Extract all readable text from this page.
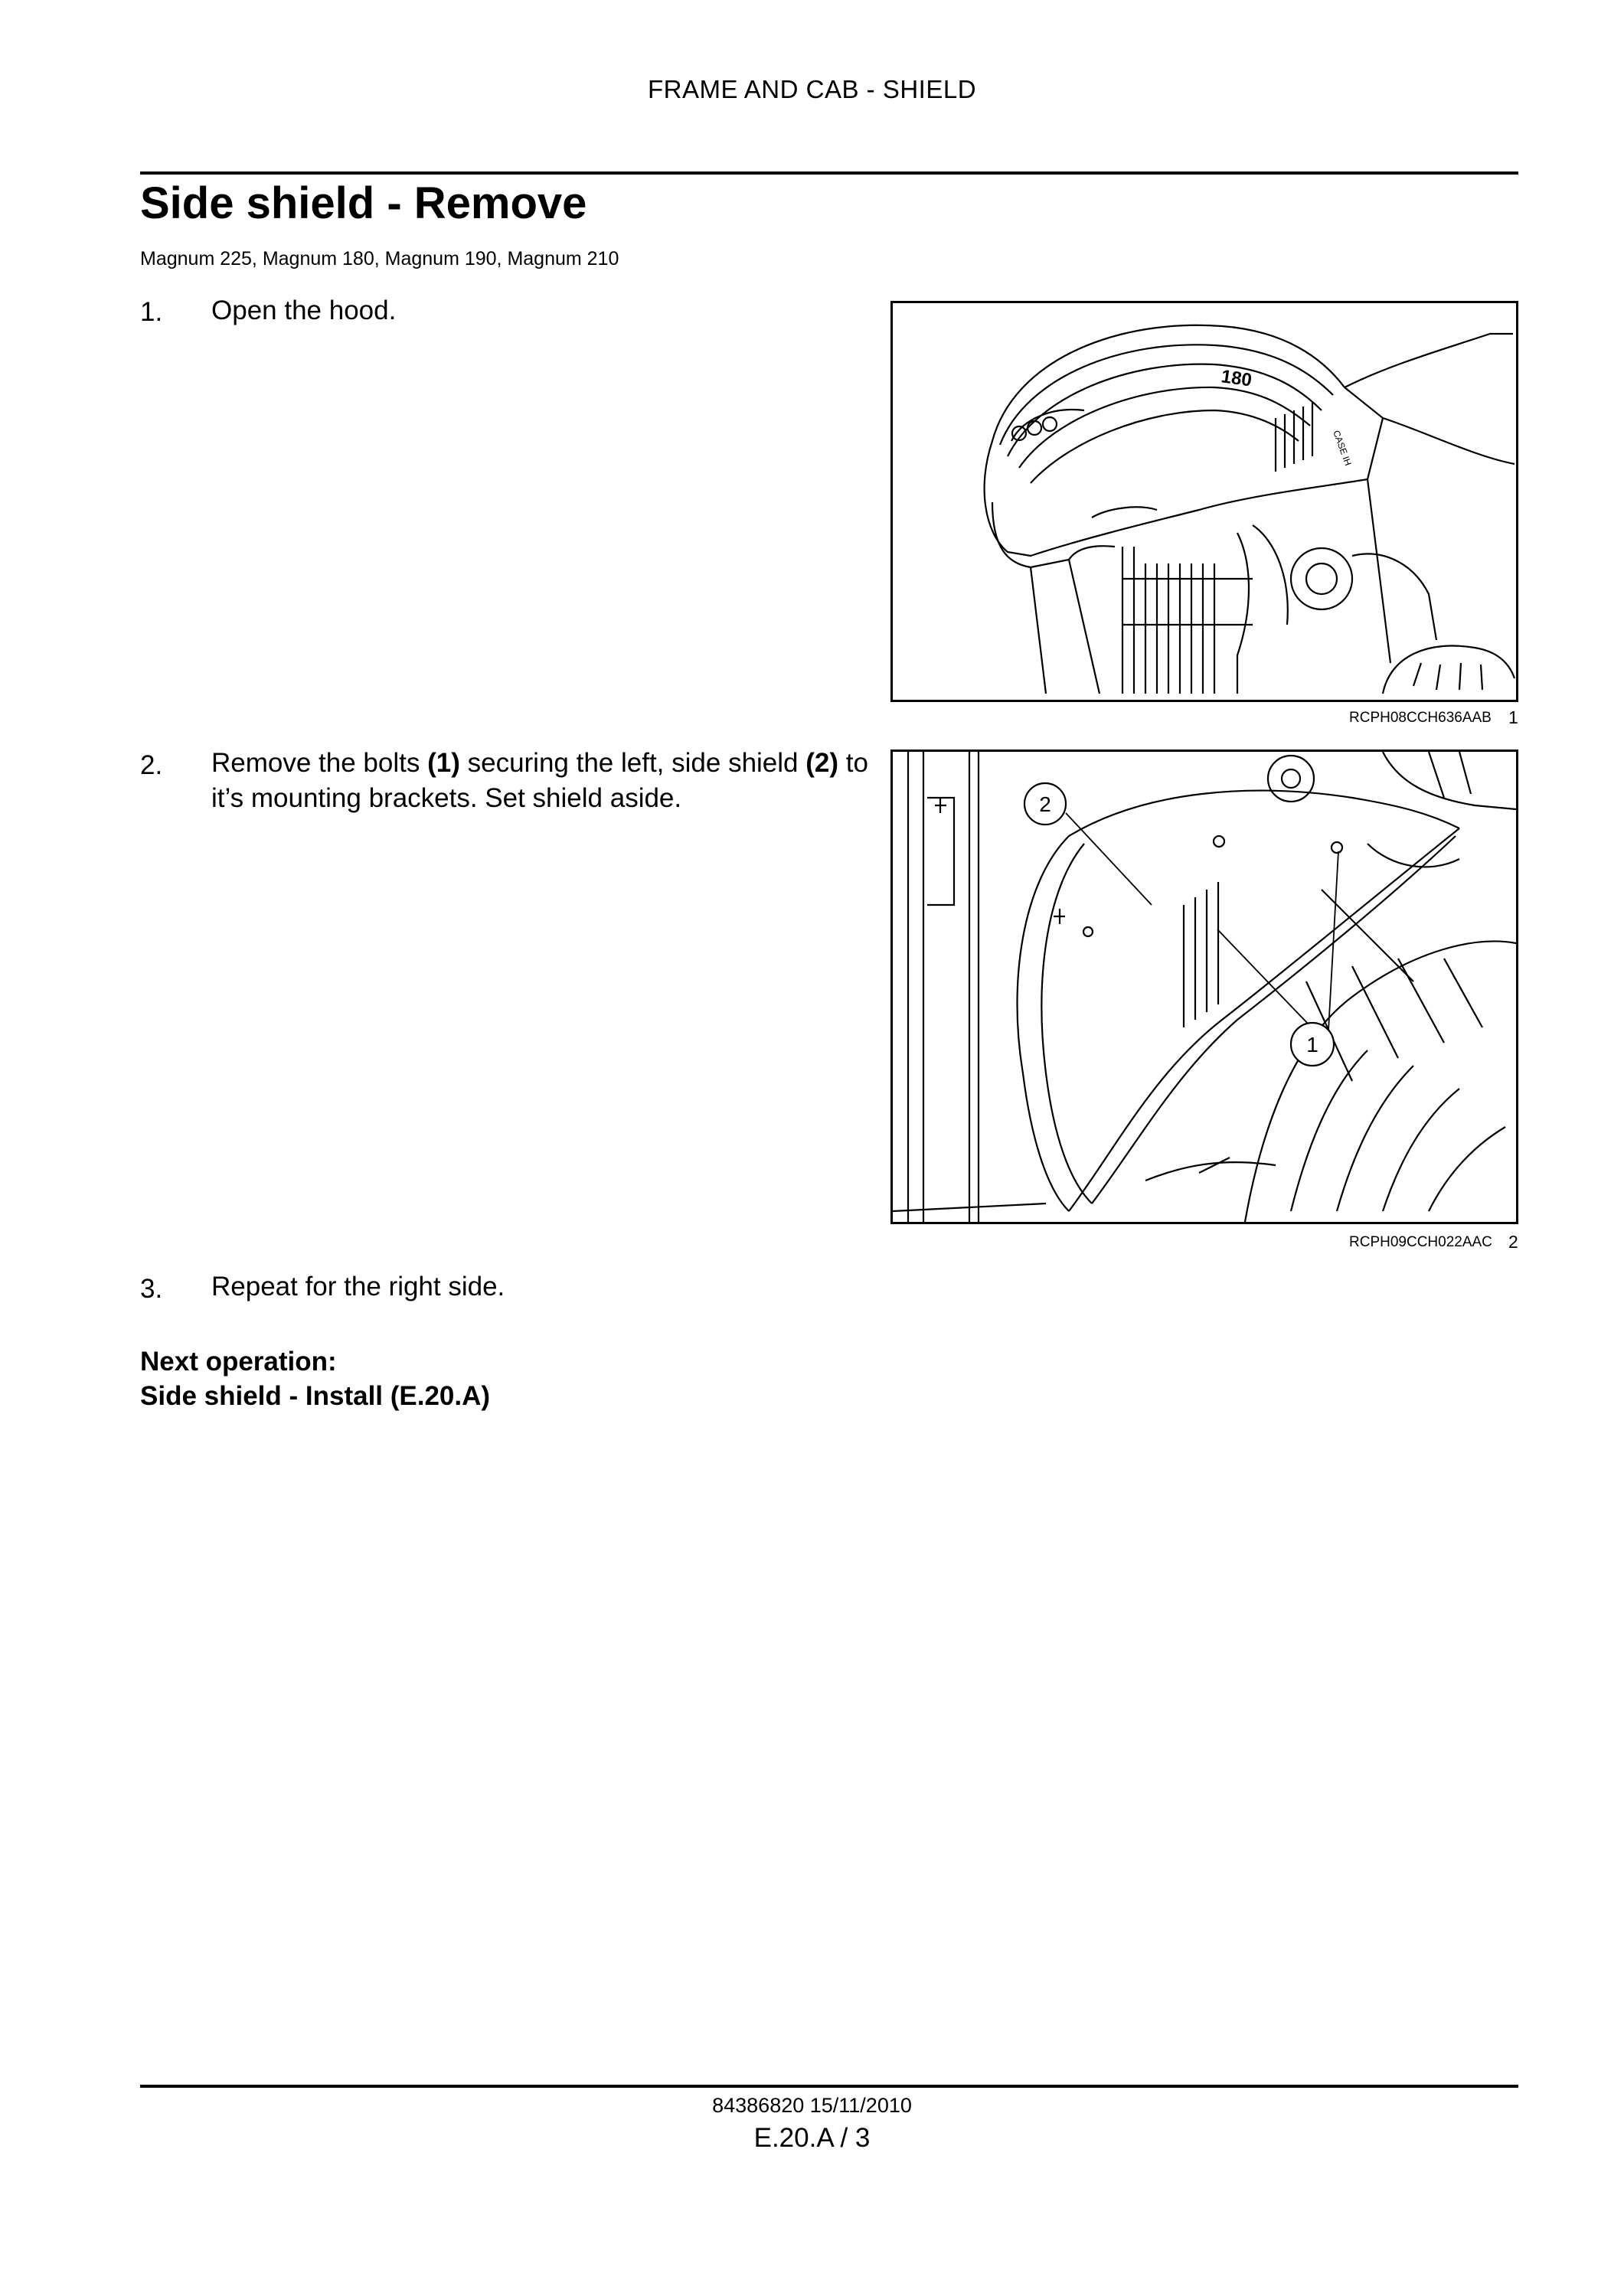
FRAME AND CAB - SHIELD
Side shield - Remove
Magnum 225, Magnum 180, Magnum 190, Magnum 210
1. Open the hood.
180
CASE IH
RCPH08CCH636AAB 1
2. Remove the bolts (1) securing the left, side shield (2) to it’s mounting brackets. Set shield aside.	2
1
RCPH09CCH022AAC 2
3. Repeat for the right side.
Next operation:
Side shield - Install (E.20.A)
84386820 15/11/2010
E.20.A / 3
